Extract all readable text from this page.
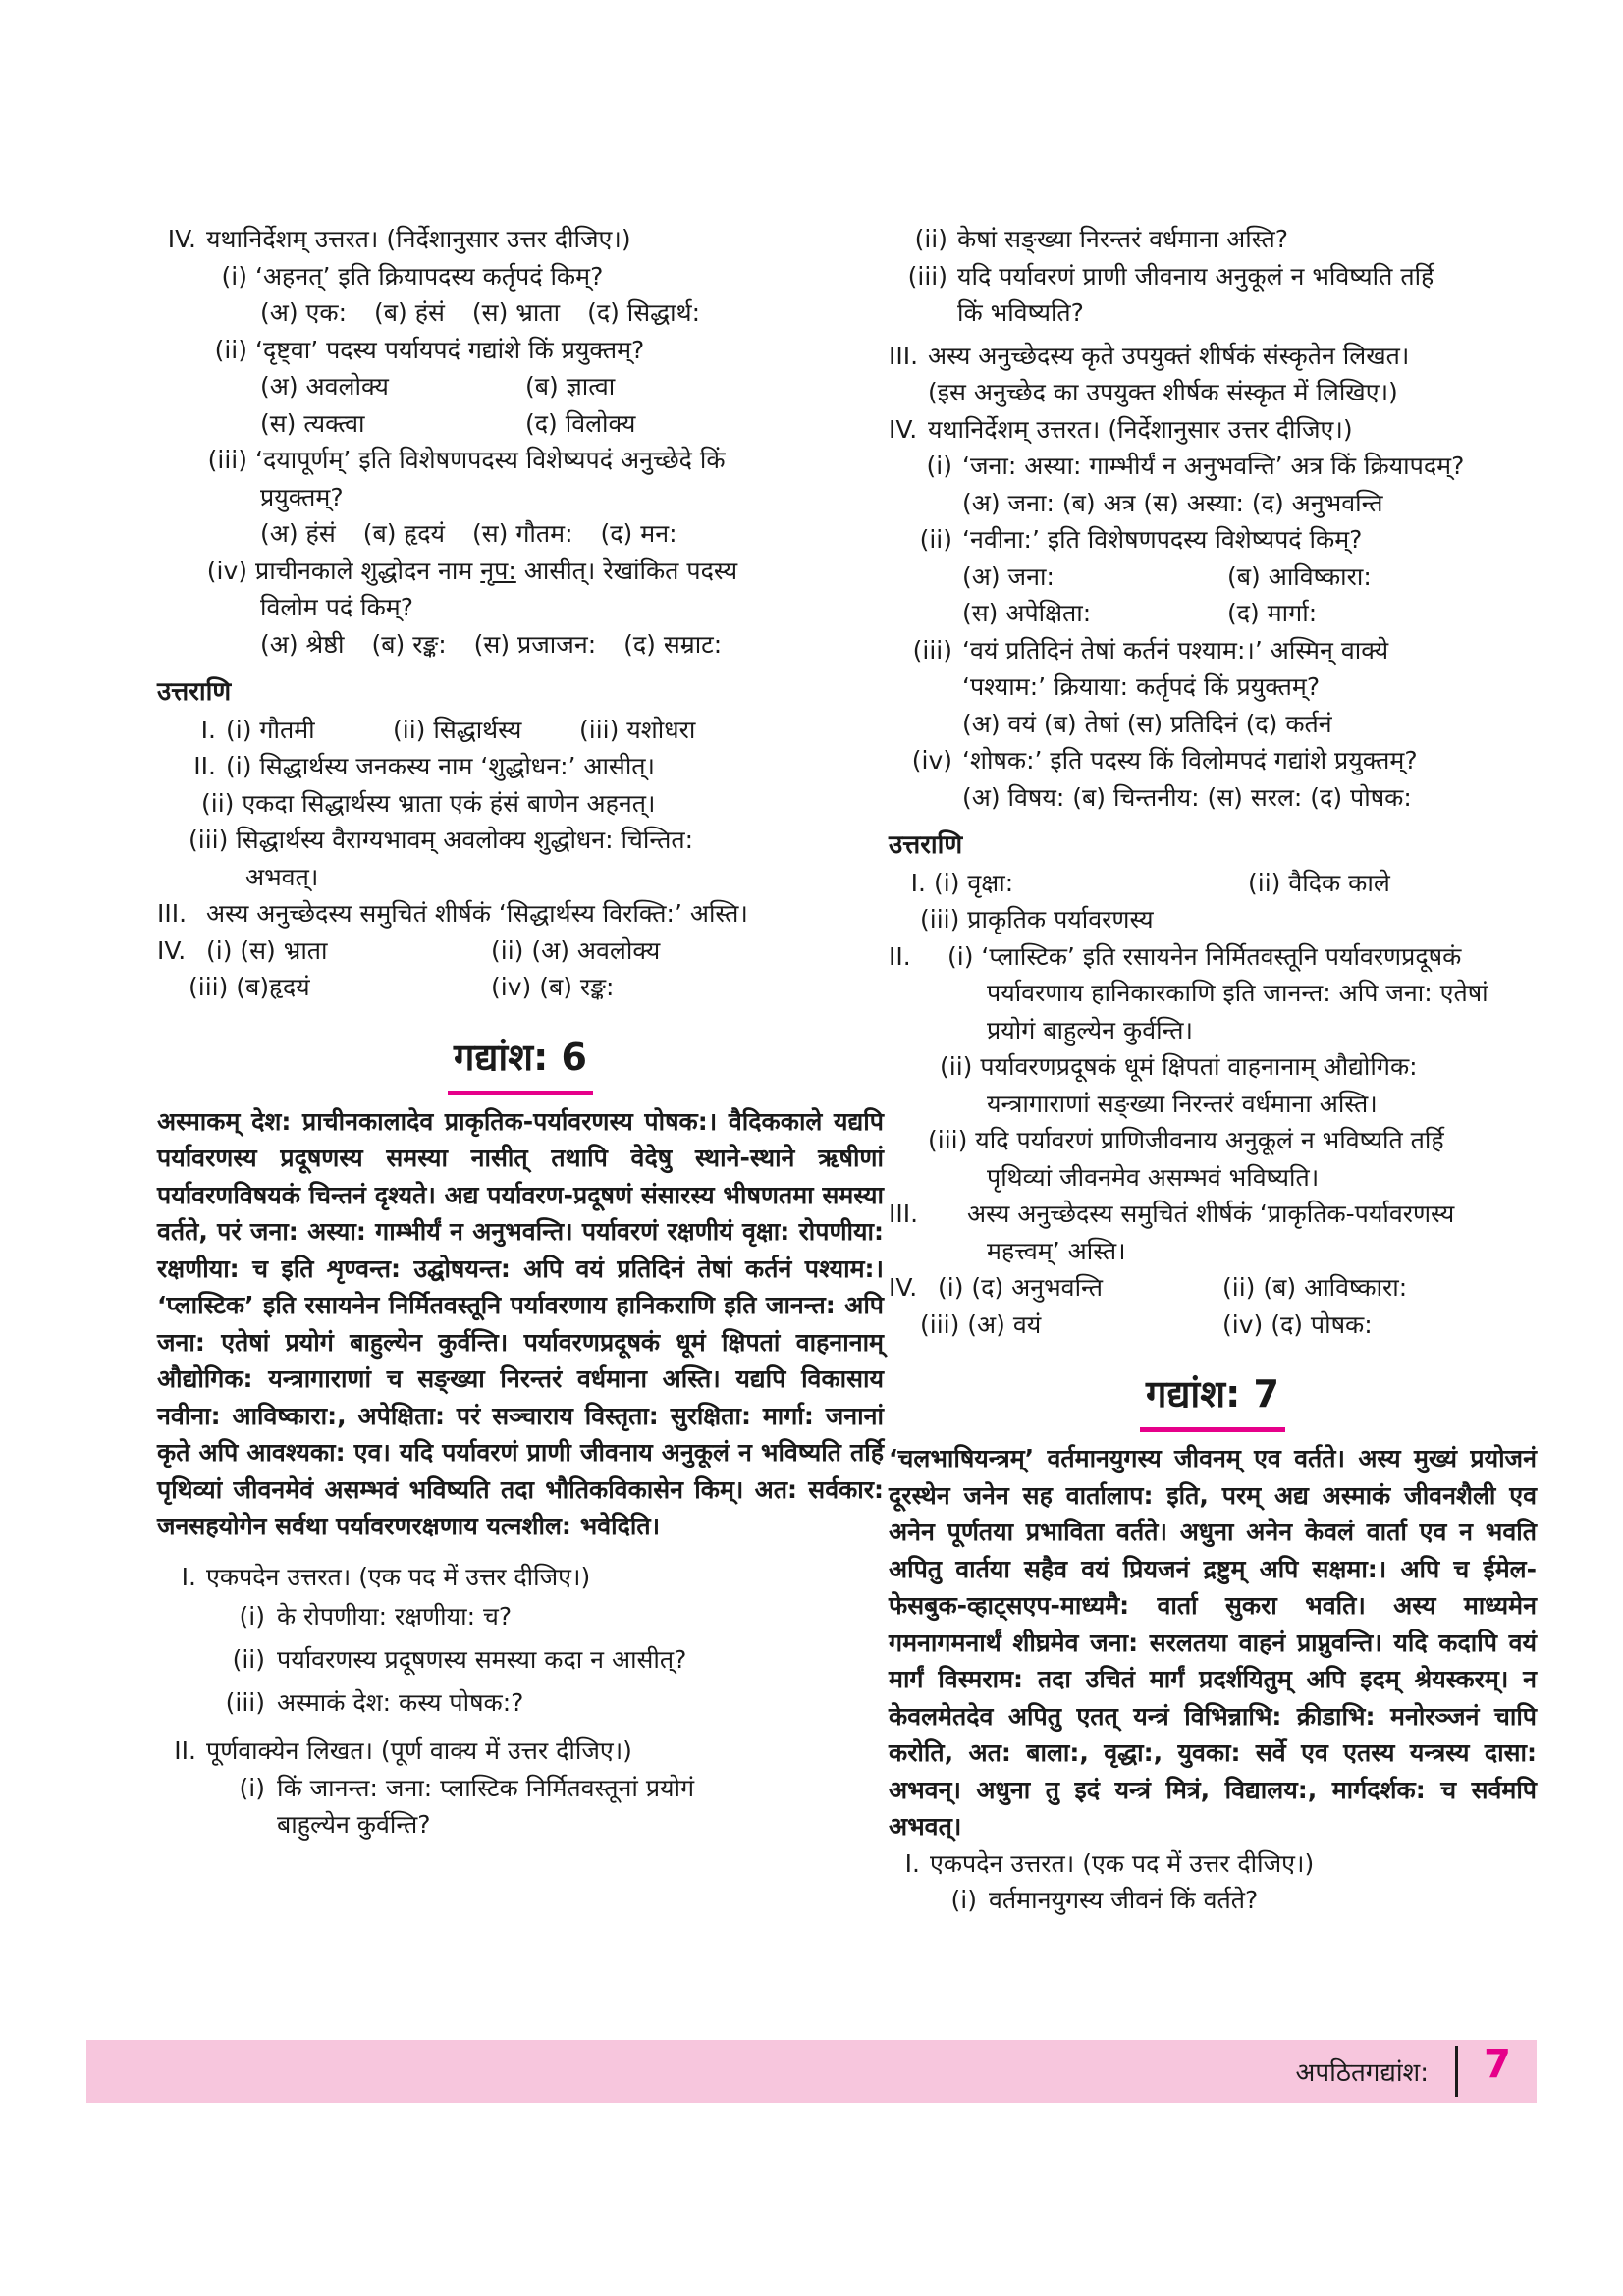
IV. यथानिर्देशम् उत्तरत। (निर्देशानुसार उत्तर दीजिए।)
(i) ‘अहनत्’ इति क्रियापदस्य कर्तृपदं किम्?
(अ) एक: (ब) हंसं (स) भ्राता (द) सिद्धार्थ:
(ii) ‘दृष्ट्वा’ पदस्य पर्यायपदं गद्यांशे किं प्रयुक्तम्?
(अ) अवलोक्य	(ब) ज्ञात्वा
(स) त्यक्त्वा	(द) विलोक्य
(iii) ‘दयापूर्णम्’ इति विशेषणपदस्य विशेष्यपदं अनुच्छेदे किं
प्रयुक्तम्?
(अ) हंसं (ब) हृदयं (स) गौतम: (द) मन:
(iv) प्राचीनकाले शुद्धोदन नाम नृप: आसीत्। रेखांकित पदस्य
विलोम पदं किम्?
(अ) श्रेष्ठी (ब) रङ्क: (स) प्रजाजन: (द) सम्राट:
उत्तराणि
I. (i) गौतमी	(ii) सिद्धार्थस्य	(iii) यशोधरा
II. (i) सिद्धार्थस्य जनकस्य नाम ‘शुद्धोधन:’ आसीत्।
(ii) एकदा सिद्धार्थस्य भ्राता एकं हंसं बाणेन अहनत्।
(iii) सिद्धार्थस्य वैराग्यभावम् अवलोक्य शुद्धोधन: चिन्तित:
अभवत्।
III. अस्य अनुच्छेदस्य समुचितं शीर्षकं ‘सिद्धार्थस्य विरक्ति:’ अस्ति।
IV. (i) (स) भ्राता	(ii) (अ) अवलोक्य
(iii) (ब)हृदयं	(iv) (ब) रङ्क:
गद्यांश: 6

अस्माकम् देश: प्राचीनकालादेव प्राकृतिक-पर्यावरणस्य पोषक:। वैदिककाले यद्यपि पर्यावरणस्य प्रदूषणस्य समस्या नासीत् तथापि वेदेषु स्थाने-स्थाने ऋषीणां पर्यावरणविषयकं चिन्तनं दृश्यते। अद्य पर्यावरण-प्रदूषणं संसारस्य भीषणतमा समस्या वर्तते, परं जना: अस्या: गाम्भीर्यं न अनुभवन्ति। पर्यावरणं रक्षणीयं वृक्षा: रोपणीया: रक्षणीया: च इति शृण्वन्त: उद्घोषयन्त: अपि वयं प्रतिदिनं तेषां कर्तनं पश्याम:। ‘प्लास्टिक’ इति रसायनेन निर्मितवस्तूनि पर्यावरणाय हानिकराणि इति जानन्त: अपि जना: एतेषां प्रयोगं बाहुल्येन कुर्वन्ति। पर्यावरणप्रदूषकं धूमं क्षिपतां वाहनानाम् औद्योगिक: यन्त्रागाराणां च सङ्ख्या निरन्तरं वर्धमाना अस्ति। यद्यपि विकासाय नवीना: आविष्कारा:, अपेक्षिता: परं सञ्चाराय विस्तृता: सुरक्षिता: मार्गा: जनानां कृते अपि आवश्यका: एव। यदि पर्यावरणं प्राणी जीवनाय अनुकूलं न भविष्यति तर्हि पृथिव्यां जीवनमेवं असम्भवं भविष्यति तदा भौतिकविकासेन किम्। अत: सर्वकार: जनसहयोगेन सर्वथा पर्यावरणरक्षणाय यत्नशील: भवेदिति।

I. एकपदेन उत्तरत। (एक पद में उत्तर दीजिए।)
(i) के रोपणीया: रक्षणीया: च?
(ii) पर्यावरणस्य प्रदूषणस्य समस्या कदा न आसीत्?
(iii) अस्माकं देश: कस्य पोषक:?
II. पूर्णवाक्येन लिखत। (पूर्ण वाक्य में उत्तर दीजिए।)
(i) किं जानन्त: जना: प्लास्टिक निर्मितवस्तूनां प्रयोगं
बाहुल्येन कुर्वन्ति?
(ii) केषां सङ्ख्या निरन्तरं वर्धमाना अस्ति?
(iii) यदि पर्यावरणं प्राणी जीवनाय अनुकूलं न भविष्यति तर्हि
किं भविष्यति?
III. अस्य अनुच्छेदस्य कृते उपयुक्तं शीर्षकं संस्कृतेन लिखत।
(इस अनुच्छेद का उपयुक्त शीर्षक संस्कृत में लिखिए।)
IV. यथानिर्देशम् उत्तरत। (निर्देशानुसार उत्तर दीजिए।)
(i) ‘जना: अस्या: गाम्भीर्यं न अनुभवन्ति’ अत्र किं क्रियापदम्?
(अ) जना: (ब) अत्र (स) अस्या: (द) अनुभवन्ति
(ii) ‘नवीना:’ इति विशेषणपदस्य विशेष्यपदं किम्?
(अ) जना:	(ब) आविष्कारा:
(स) अपेक्षिता:	(द) मार्गा:
(iii) ‘वयं प्रतिदिनं तेषां कर्तनं पश्याम:।’ अस्मिन् वाक्ये
‘पश्याम:’ क्रियाया: कर्तृपदं किं प्रयुक्तम्?
(अ) वयं (ब) तेषां (स) प्रतिदिनं (द) कर्तनं
(iv) ‘शोषक:’ इति पदस्य किं विलोमपदं गद्यांशे प्रयुक्तम्?
(अ) विषय: (ब) चिन्तनीय: (स) सरल: (द) पोषक:
उत्तराणि
I. (i) वृक्षा:	(ii) वैदिक काले
(iii) प्राकृतिक पर्यावरणस्य
II.	(i) ‘प्लास्टिक’ इति रसायनेन निर्मितवस्तूनि पर्यावरणप्रदूषकं
पर्यावरणाय हानिकारकाणि इति जानन्त: अपि जना: एतेषां
प्रयोगं बाहुल्येन कुर्वन्ति।
(ii) पर्यावरणप्रदूषकं धूमं क्षिपतां वाहनानाम् औद्योगिक:
यन्त्रागाराणां सङ्ख्या निरन्तरं वर्धमाना अस्ति।
(iii) यदि पर्यावरणं प्राणिजीवनाय अनुकूलं न भविष्यति तर्हि
पृथिव्यां जीवनमेव असम्भवं भविष्यति।
III.	अस्य अनुच्छेदस्य समुचितं शीर्षकं ‘प्राकृतिक-पर्यावरणस्य
महत्त्वम्’ अस्ति।
IV. (i) (द) अनुभवन्ति	(ii) (ब) आविष्कारा:
(iii) (अ) वयं	(iv) (द) पोषक:
गद्यांश: 7

‘चलभाषियन्त्रम्’ वर्तमानयुगस्य जीवनम् एव वर्तते। अस्य मुख्यं प्रयोजनं दूरस्थेन जनेन सह वार्तालाप: इति, परम् अद्य अस्माकं जीवनशैली एव अनेन पूर्णतया प्रभाविता वर्तते। अधुना अनेन केवलं वार्ता एव न भवति अपितु वार्तया सहैव वयं प्रियजनं द्रष्टुम् अपि सक्षमा:। अपि च ईमेल-फेसबुक-व्हाट्सएप-माध्यमै: वार्ता सुकरा भवति। अस्य माध्यमेन गमनागमनार्थं शीघ्रमेव जना: सरलतया वाहनं प्राप्नुवन्ति। यदि कदापि वयं मार्गं विस्मराम: तदा उचितं मार्गं प्रदर्शयितुम् अपि इदम् श्रेयस्करम्। न केवलमेतदेव अपितु एतत् यन्त्रं विभिन्नाभि: क्रीडाभि: मनोरञ्जनं चापि करोति, अत: बाला:, वृद्धा:, युवका: सर्वे एव एतस्य यन्त्रस्य दासा: अभवन्। अधुना तु इदं यन्त्रं मित्रं, विद्यालय:, मार्गदर्शक: च सर्वमपि अभवत्।

I. एकपदेन उत्तरत। (एक पद में उत्तर दीजिए।)
(i) वर्तमानयुगस्य जीवनं किं वर्तते?
अपठितगद्यांश: 7
